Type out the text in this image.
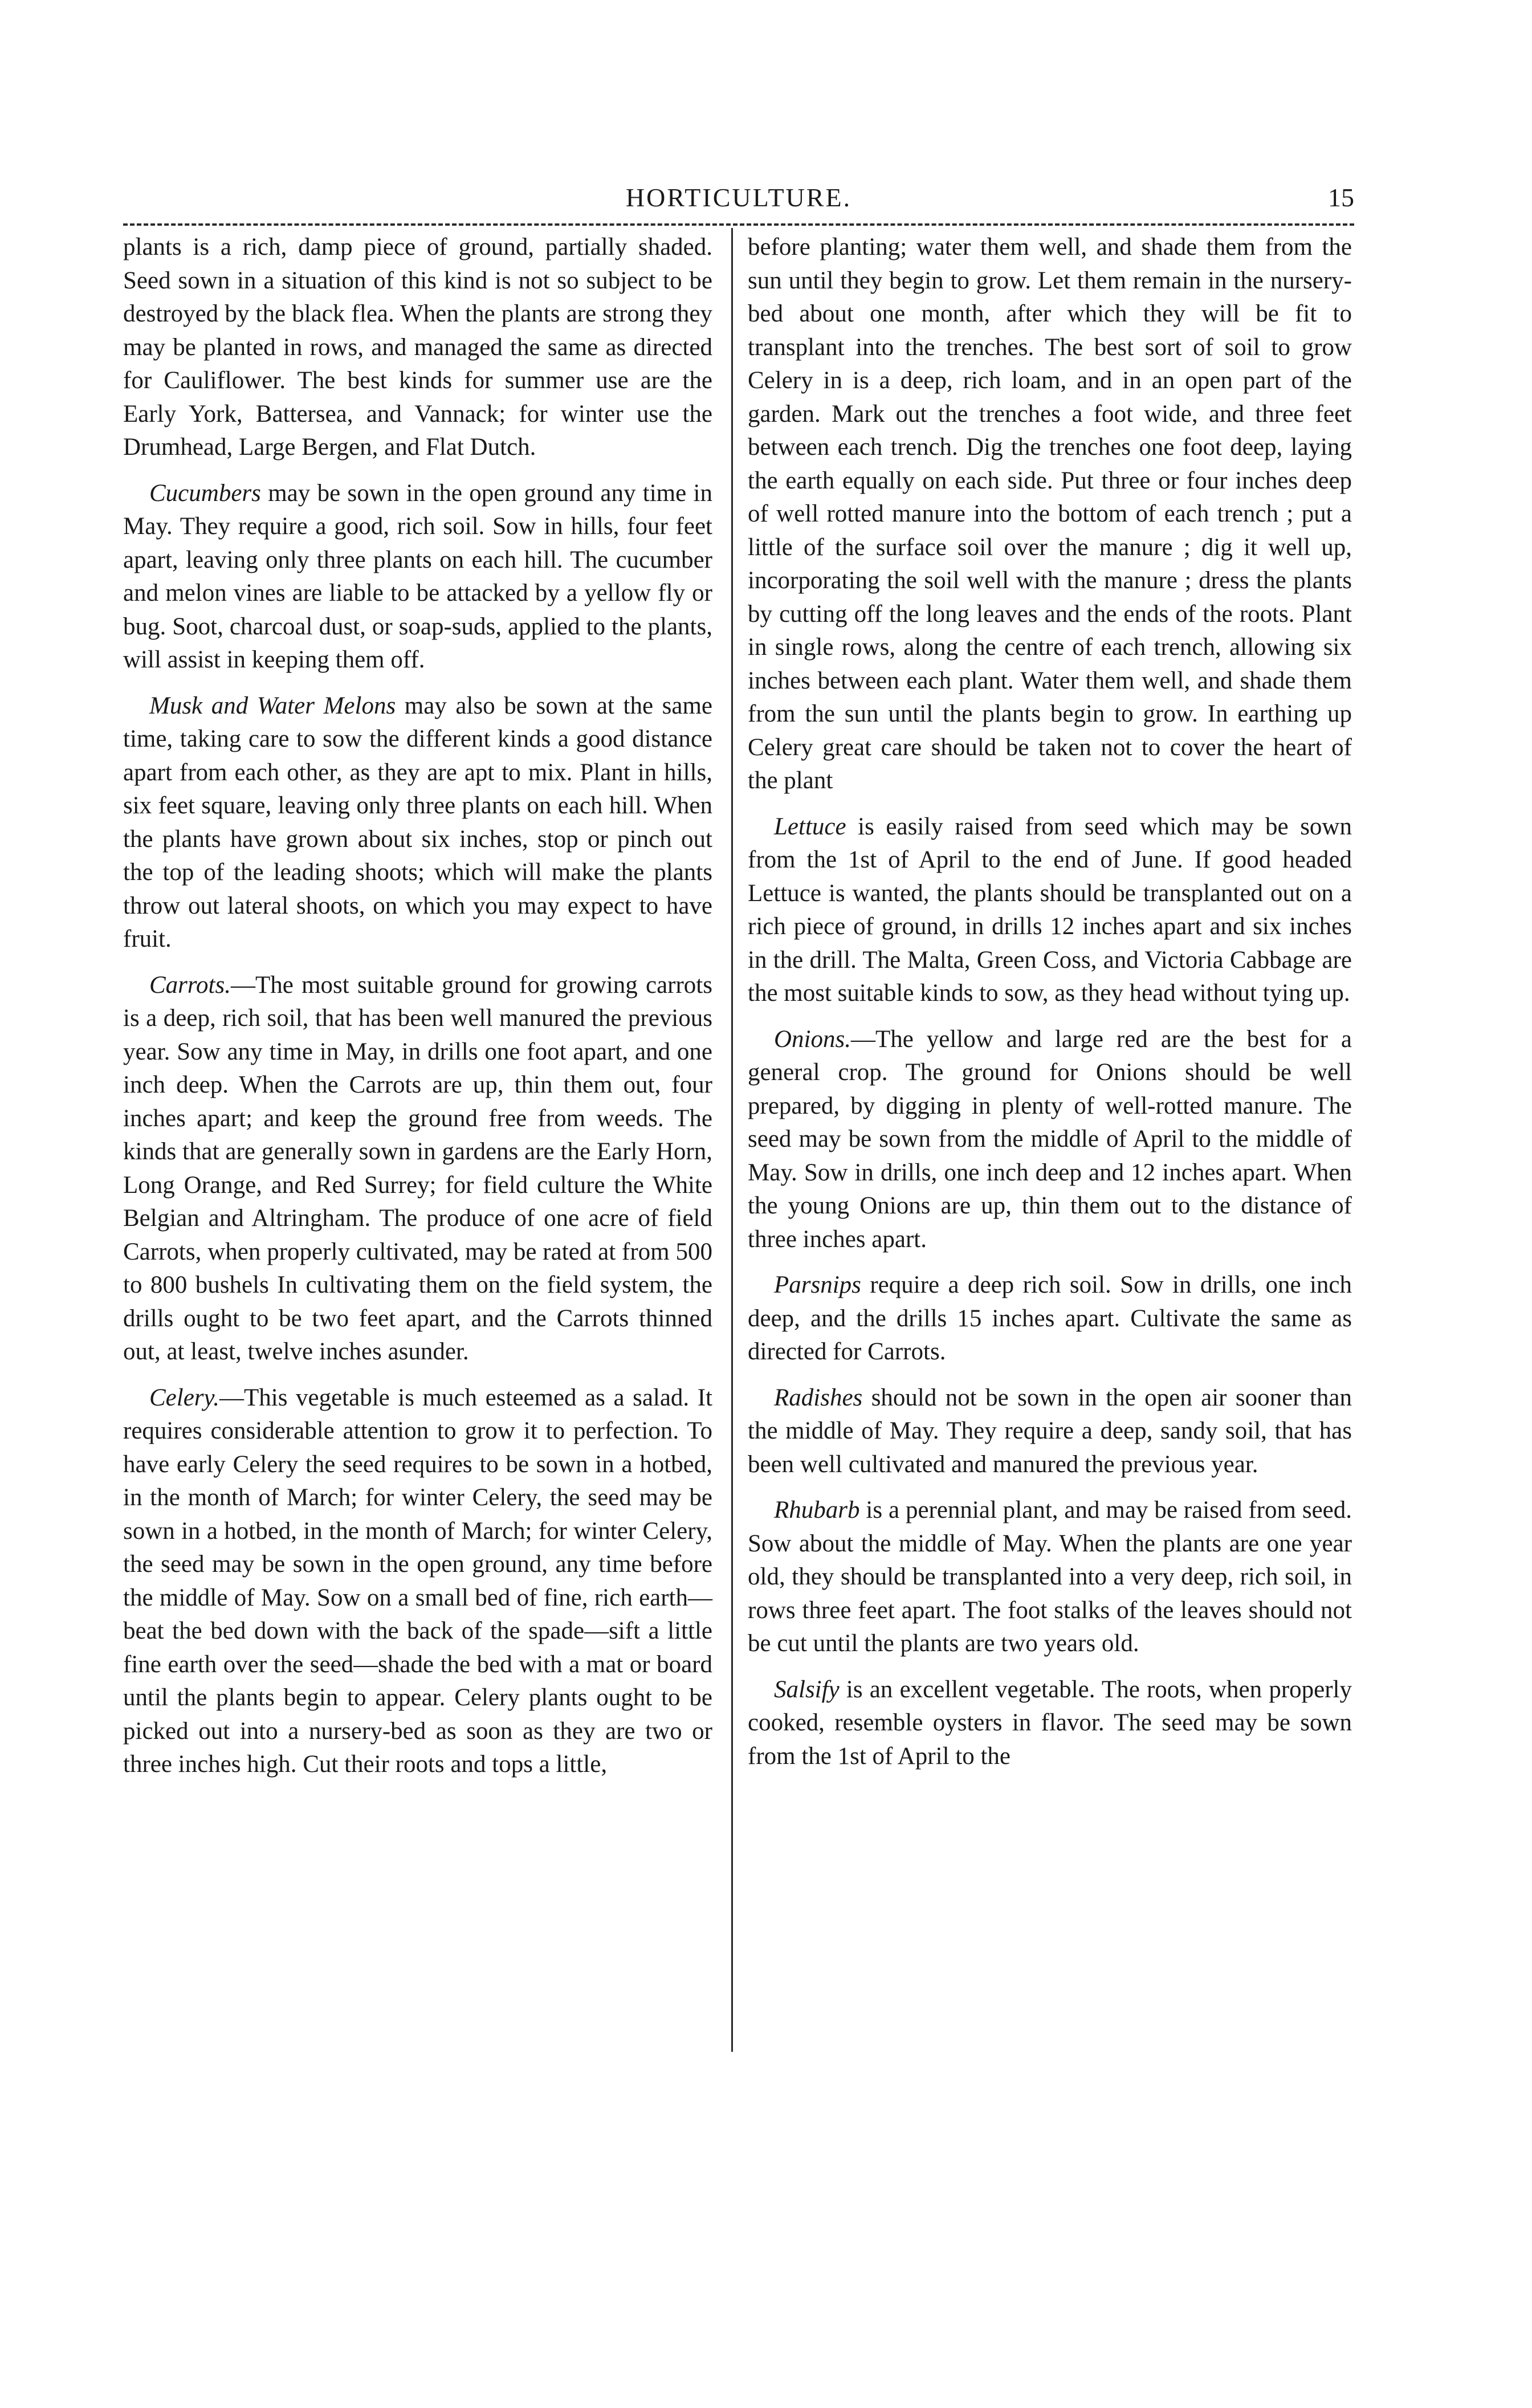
HORTICULTURE.	15

plants is a rich, damp piece of ground, partially shaded. Seed sown in a situation of this kind is not so subject to be destroyed by the black flea. When the plants are strong they may be planted in rows, and managed the same as directed for Cauliflower. The best kinds for summer use are the Early York, Battersea, and Vannack; for winter use the Drumhead, Large Bergen, and Flat Dutch.

Cucumbers may be sown in the open ground any time in May. They require a good, rich soil. Sow in hills, four feet apart, leaving only three plants on each hill. The cucumber and melon vines are liable to be attacked by a yellow fly or bug. Soot, charcoal dust, or soap-suds, applied to the plants, will assist in keeping them off.

Musk and Water Melons may also be sown at the same time, taking care to sow the different kinds a good distance apart from each other, as they are apt to mix. Plant in hills, six feet square, leaving only three plants on each hill. When the plants have grown about six inches, stop or pinch out the top of the leading shoots; which will make the plants throw out lateral shoots, on which you may expect to have fruit.

Carrots.—The most suitable ground for growing carrots is a deep, rich soil, that has been well manured the previous year. Sow any time in May, in drills one foot apart, and one inch deep. When the Carrots are up, thin them out, four inches apart; and keep the ground free from weeds. The kinds that are generally sown in gardens are the Early Horn, Long Orange, and Red Surrey; for field culture the White Belgian and Altringham. The produce of one acre of field Carrots, when properly cultivated, may be rated at from 500 to 800 bushels In cultivating them on the field system, the drills ought to be two feet apart, and the Carrots thinned out, at least, twelve inches asunder.

Celery.—This vegetable is much esteemed as a salad. It requires considerable attention to grow it to perfection. To have early Celery the seed requires to be sown in a hotbed, in the month of March; for winter Celery, the seed may be sown in a hotbed, in the month of March; for winter Celery, the seed may be sown in the open ground, any time before the middle of May. Sow on a small bed of fine, rich earth—beat the bed down with the back of the spade—sift a little fine earth over the seed—shade the bed with a mat or board until the plants begin to appear. Celery plants ought to be picked out into a nursery-bed as soon as they are two or three inches high. Cut their roots and tops a little,

before planting; water them well, and shade them from the sun until they begin to grow. Let them remain in the nursery-bed about one month, after which they will be fit to transplant into the trenches. The best sort of soil to grow Celery in is a deep, rich loam, and in an open part of the garden. Mark out the trenches a foot wide, and three feet between each trench. Dig the trenches one foot deep, laying the earth equally on each side. Put three or four inches deep of well rotted manure into the bottom of each trench ; put a little of the surface soil over the manure ; dig it well up, incorporating the soil well with the manure ; dress the plants by cutting off the long leaves and the ends of the roots. Plant in single rows, along the centre of each trench, allowing six inches between each plant. Water them well, and shade them from the sun until the plants begin to grow. In earthing up Celery great care should be taken not to cover the heart of the plant

Lettuce is easily raised from seed which may be sown from the 1st of April to the end of June. If good headed Lettuce is wanted, the plants should be transplanted out on a rich piece of ground, in drills 12 inches apart and six inches in the drill. The Malta, Green Coss, and Victoria Cabbage are the most suitable kinds to sow, as they head without tying up.

Onions.—The yellow and large red are the best for a general crop. The ground for Onions should be well prepared, by digging in plenty of well-rotted manure. The seed may be sown from the middle of April to the middle of May. Sow in drills, one inch deep and 12 inches apart. When the young Onions are up, thin them out to the distance of three inches apart.

Parsnips require a deep rich soil. Sow in drills, one inch deep, and the drills 15 inches apart. Cultivate the same as directed for Carrots.

Radishes should not be sown in the open air sooner than the middle of May. They require a deep, sandy soil, that has been well cultivated and manured the previous year.

Rhubarb is a perennial plant, and may be raised from seed. Sow about the middle of May. When the plants are one year old, they should be transplanted into a very deep, rich soil, in rows three feet apart. The foot stalks of the leaves should not be cut until the plants are two years old.

Salsify is an excellent vegetable. The roots, when properly cooked, resemble oysters in flavor. The seed may be sown from the 1st of April to the
